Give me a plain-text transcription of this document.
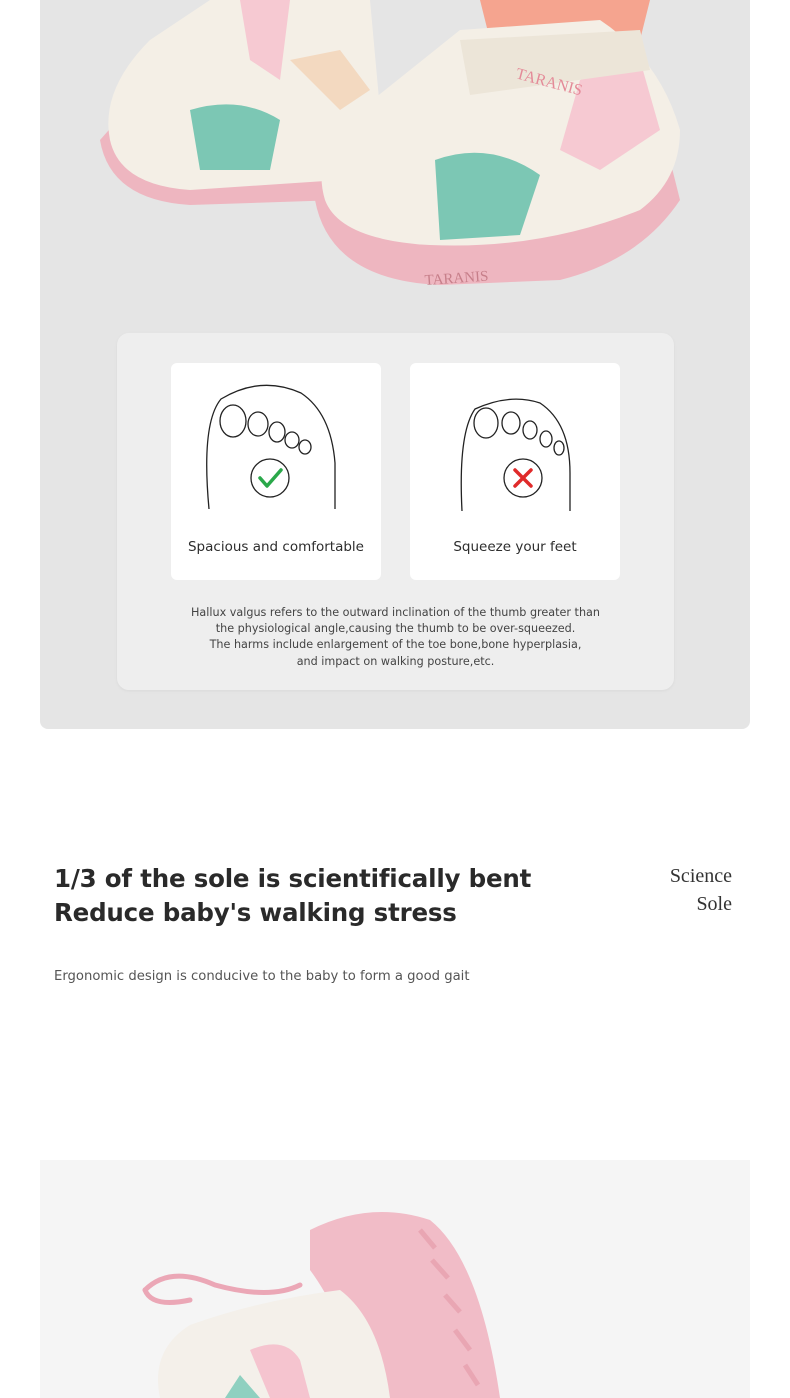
TARANIS
TARANIS
Spacious and comfortable	Squeeze your feet
Hallux valgus refers to the outward inclination of the thumb greater than
the physiological angle,causing the thumb to be over-squeezed.
The harms include enlargement of the toe bone,bone hyperplasia,
and impact on walking posture,etc.
1/3 of the sole is scientifically bent
Reduce baby's walking stress
Science
Sole
Ergonomic design is conducive to the baby to form a good gait
